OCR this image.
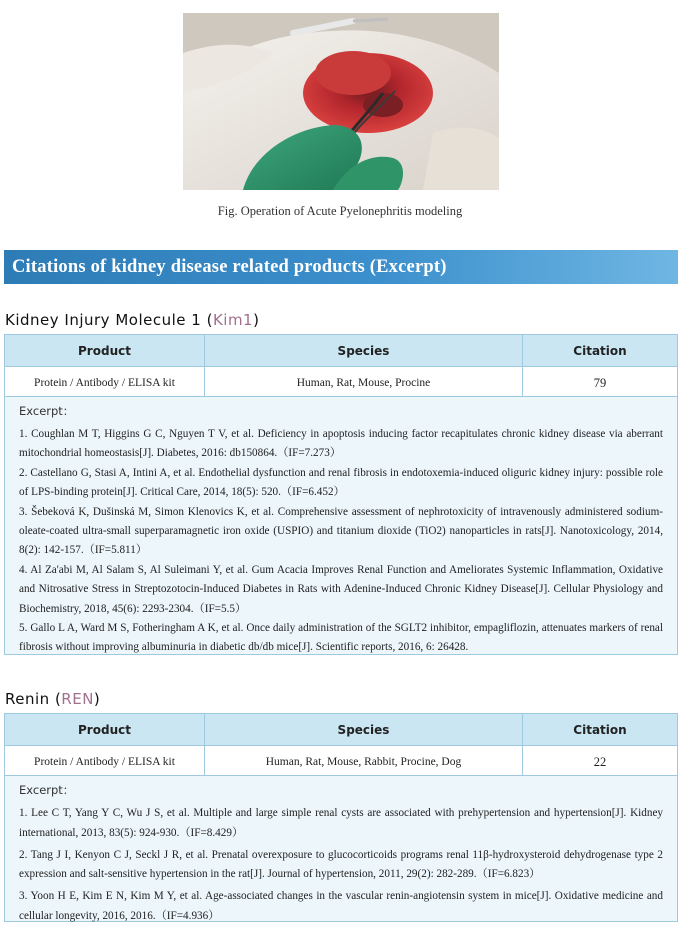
Fig. Operation of Acute Pyelonephritis modeling
Citations of kidney disease related products (Excerpt)
Kidney Injury Molecule 1 (Kim1)
Product	Species	Citation
Protein / Antibody / ELISA kit	Human, Rat, Mouse, Procine	79
Excerpt：

1. Coughlan M T, Higgins G C, Nguyen T V, et al. Deficiency in apoptosis inducing factor recapitulates chronic kidney disease via aberrant mitochondrial homeostasis[J]. Diabetes, 2016: db150864.（IF=7.273）

2. Castellano G, Stasi A, Intini A, et al. Endothelial dysfunction and renal fibrosis in endotoxemia-induced oliguric kidney injury: possible role of LPS-binding protein[J]. Critical Care, 2014, 18(5): 520.（IF=6.452）

3. Šebeková K, Dušinská M, Simon Klenovics K, et al. Comprehensive assessment of nephrotoxicity of intravenously administered sodium-oleate-coated ultra-small superparamagnetic iron oxide (USPIO) and titanium dioxide (TiO2) nanoparticles in rats[J]. Nanotoxicology, 2014, 8(2): 142-157.（IF=5.811）

4. Al Za'abi M, Al Salam S, Al Suleimani Y, et al. Gum Acacia Improves Renal Function and Ameliorates Systemic Inflammation, Oxidative and Nitrosative Stress in Streptozotocin-Induced Diabetes in Rats with Adenine-Induced Chronic Kidney Disease[J]. Cellular Physiology and Biochemistry, 2018, 45(6): 2293-2304.（IF=5.5）

5. Gallo L A, Ward M S, Fotheringham A K, et al. Once daily administration of the SGLT2 inhibitor, empagliflozin, attenuates markers of renal fibrosis without improving albuminuria in diabetic db/db mice[J]. Scientific reports, 2016, 6: 26428.

Renin (REN)
Product	Species	Citation
Protein / Antibody / ELISA kit	Human, Rat, Mouse, Rabbit, Procine, Dog	22
Excerpt：

1. Lee C T, Yang Y C, Wu J S, et al. Multiple and large simple renal cysts are associated with prehypertension and hypertension[J]. Kidney international, 2013, 83(5): 924-930.（IF=8.429）

2. Tang J I, Kenyon C J, Seckl J R, et al. Prenatal overexposure to glucocorticoids programs renal 11β-hydroxysteroid dehydrogenase type 2 expression and salt-sensitive hypertension in the rat[J]. Journal of hypertension, 2011, 29(2): 282-289.（IF=6.823）

3. Yoon H E, Kim E N, Kim M Y, et al. Age-associated changes in the vascular renin-angiotensin system in mice[J]. Oxidative medicine and cellular longevity, 2016, 2016.（IF=4.936）
